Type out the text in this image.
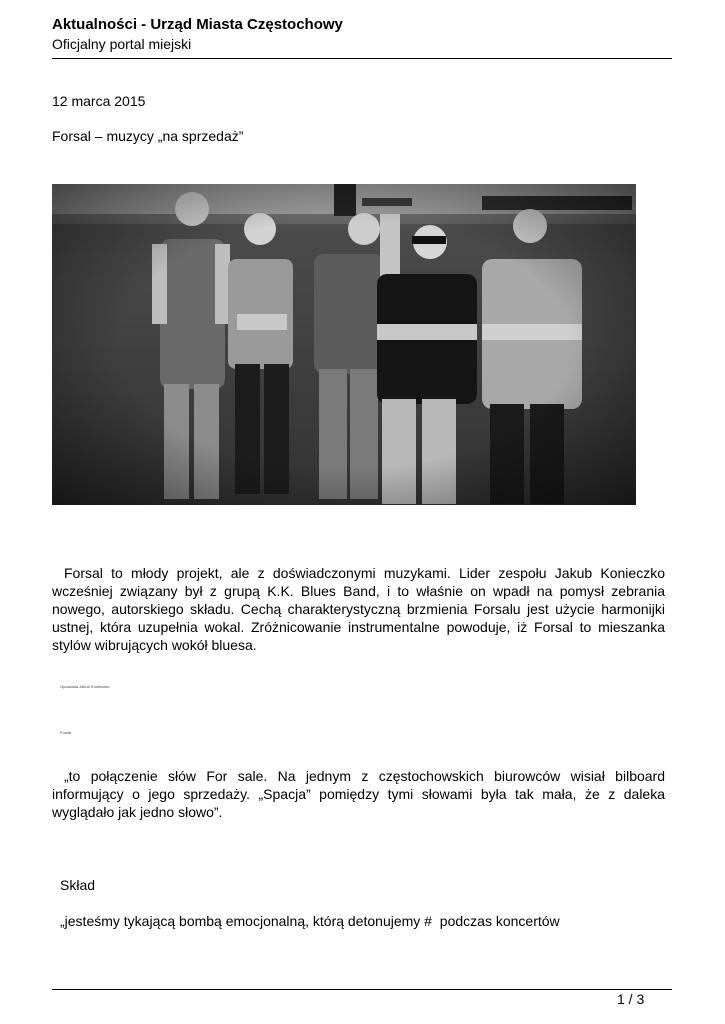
Aktualności - Urząd Miasta Częstochowy
Oficjalny portal miejski
12 marca 2015
Forsal – muzycy „na sprzedaż”
Forsal to młody projekt, ale z doświadczonymi muzykami. Lider zespołu Jakub Konieczko wcześniej związany był z grupą K.K. Blues Band, i to właśnie on wpadł na pomysł zebrania nowego, autorskiego składu. Cechą charakterystyczną brzmienia Forsalu jest użycie harmonijki ustnej, która uzupełnia wokal. Zróżnicowanie instrumentalne powoduje, iż Forsal to mieszanka stylów wibrujących wokół bluesa.
Opowiada Jakub Konieczko
Forsal
„to połączenie słów For sale. Na jednym z częstochowskich biurowców wisiał bilboard informujący o jego sprzedaży. „Spacja” pomiędzy tymi słowami była tak mała, że z daleka wyglądało jak jedno słowo”.
Skład
„jesteśmy tykającą bombą emocjonalną, którą detonujemy # podczas koncertów
1 / 3
